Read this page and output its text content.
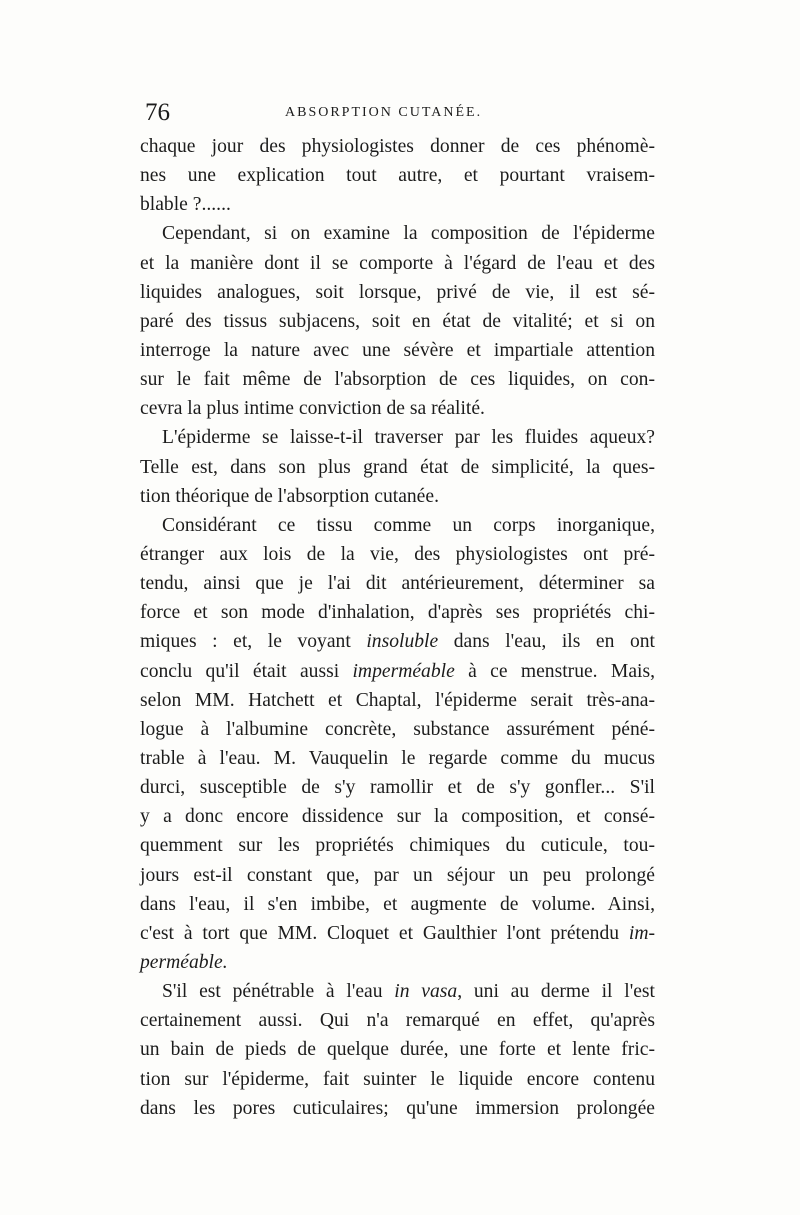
76	ABSORPTION CUTANÉE.
chaque jour des physiologistes donner de ces phénomè-
nes une explication tout autre, et pourtant vraisem-
blable ?......
Cependant, si on examine la composition de l'épiderme
et la manière dont il se comporte à l'égard de l'eau et des
liquides analogues, soit lorsque, privé de vie, il est sé-
paré des tissus subjacens, soit en état de vitalité; et si on
interroge la nature avec une sévère et impartiale attention
sur le fait même de l'absorption de ces liquides, on con-
cevra la plus intime conviction de sa réalité.
L'épiderme se laisse-t-il traverser par les fluides aqueux?
Telle est, dans son plus grand état de simplicité, la ques-
tion théorique de l'absorption cutanée.
Considérant ce tissu comme un corps inorganique,
étranger aux lois de la vie, des physiologistes ont pré-
tendu, ainsi que je l'ai dit antérieurement, déterminer sa
force et son mode d'inhalation, d'après ses propriétés chi-
miques : et, le voyant insoluble dans l'eau, ils en ont
conclu qu'il était aussi imperméable à ce menstrue. Mais,
selon MM. Hatchett et Chaptal, l'épiderme serait très-ana-
logue à l'albumine concrète, substance assurément péné-
trable à l'eau. M. Vauquelin le regarde comme du mucus
durci, susceptible de s'y ramollir et de s'y gonfler... S'il
y a donc encore dissidence sur la composition, et consé-
quemment sur les propriétés chimiques du cuticule, tou-
jours est-il constant que, par un séjour un peu prolongé
dans l'eau, il s'en imbibe, et augmente de volume. Ainsi,
c'est à tort que MM. Cloquet et Gaulthier l'ont prétendu im-
perméable.
S'il est pénétrable à l'eau in vasa, uni au derme il l'est
certainement aussi. Qui n'a remarqué en effet, qu'après
un bain de pieds de quelque durée, une forte et lente fric-
tion sur l'épiderme, fait suinter le liquide encore contenu
dans les pores cuticulaires; qu'une immersion prolongée
